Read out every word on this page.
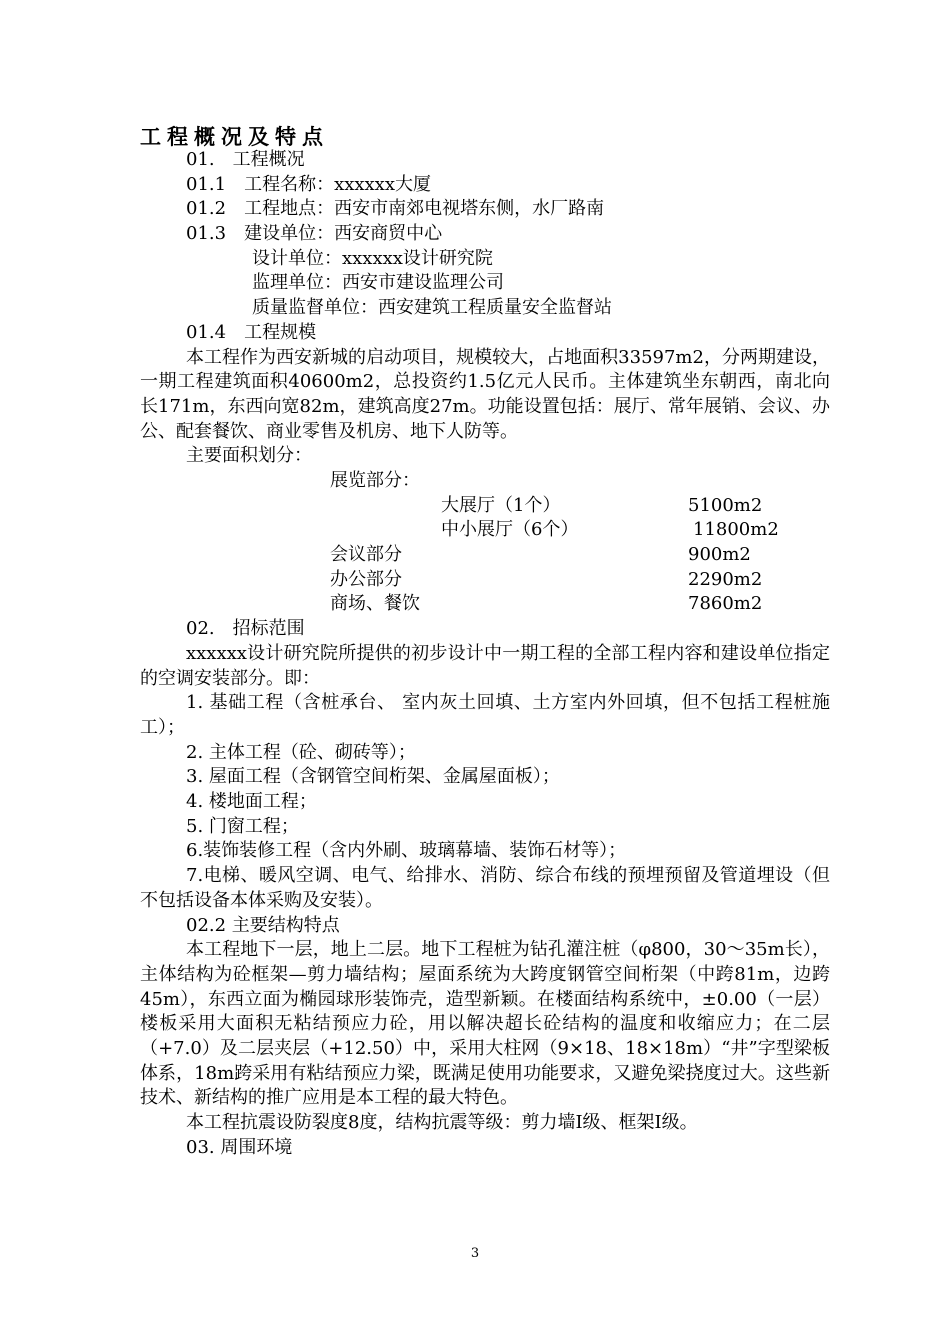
工程概况及特点
01.　工程概况
01.1　工程名称：xxxxxx大厦
01.2　工程地点：西安市南郊电视塔东侧，水厂路南
01.3　建设单位：西安商贸中心
设计单位：xxxxxx设计研究院
监理单位：西安市建设监理公司
质量监督单位：西安建筑工程质量安全监督站
01.4　工程规模

本工程作为西安新城的启动项目，规模较大，占地面积33597m2，分两期建设，一期工程建筑面积40600m2，总投资约1.5亿元人民币。主体建筑坐东朝西，南北向长171m，东西向宽82m，建筑高度27m。功能设置包括：展厅、常年展销、会议、办公、配套餐饮、商业零售及机房、地下人防等。

主要面积划分：
展览部分：
大展厅（1个）	5100m2
中小展厅（6个）	11800m2
会议部分	900m2
办公部分	2290m2
商场、餐饮	7860m2
02.　招标范围

xxxxxx设计研究院所提供的初步设计中一期工程的全部工程内容和建设单位指定的空调安装部分。即：

1. 基础工程（含桩承台、 室内灰土回填、土方室内外回填，但不包括工程桩施工）；

2. 主体工程（砼、砌砖等）；

3. 屋面工程（含钢管空间桁架、金属屋面板）；

4. 楼地面工程；

5. 门窗工程；

6.装饰装修工程（含内外刷、玻璃幕墙、装饰石材等）；

7.电梯、暖风空调、电气、给排水、消防、综合布线的预埋预留及管道埋设（但不包括设备本体采购及安装）。

02.2 主要结构特点

本工程地下一层，地上二层。地下工程桩为钻孔灌注桩（φ800，30～35m长），主体结构为砼框架—剪力墙结构；屋面系统为大跨度钢管空间桁架（中跨81m，边跨45m），东西立面为椭园球形装饰壳，造型新颖。在楼面结构系统中，±0.00（一层）楼板采用大面积无粘结预应力砼，用以解决超长砼结构的温度和收缩应力；在二层（+7.0）及二层夹层（+12.50）中，采用大柱网（9×18、18×18m）“井”字型梁板体系，18m跨采用有粘结预应力梁，既满足使用功能要求，又避免梁挠度过大。这些新技术、新结构的推广应用是本工程的最大特色。

本工程抗震设防裂度8度，结构抗震等级：剪力墙Ⅰ级、框架Ⅰ级。

03. 周围环境
3
